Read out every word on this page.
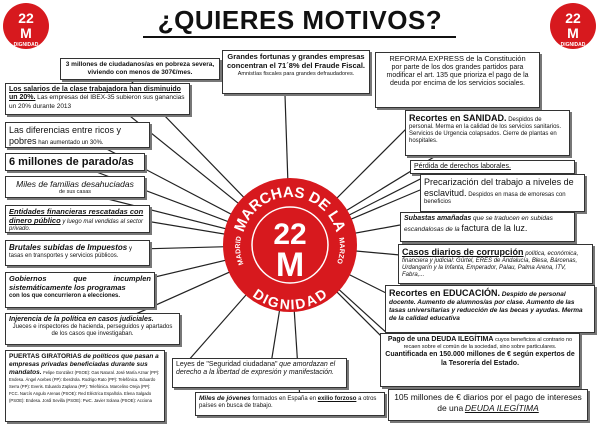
22
M
DIGNIDAD
22
M
DIGNIDAD
¿QUIERES MOTIVOS?
MARCHAS DE LA
DIGNIDAD
MADRID	MARZO
22
M
3 millones de ciudadanos/as en pobreza severa, viviendo con menos de 307€/mes.
Los salarios de la clase trabajadora han disminuido un 20%. Las empresas del IBEX-35 subieron sus ganancias un 20% durante 2013
Las diferencias entre ricos y pobres han aumentado un 30%.
6 millones de parado/as
Miles de familias desahuciadas
de sus casas
Entidades financieras rescatadas con dinero público y luego mal vendidas al sector privado.
Brutales subidas de Impuestos y tasas en transportes y servicios públicos.
Gobiernos que incumplen sistemáticamente los programas
con los que concurrieron a elecciones.
Injerencia de la política en casos judiciales.
Jueces e inspectores de hacienda, perseguidos y apartados de los casos que investigaban.
PUERTAS GIRATORIAS de políticos que pasan a empresas privadas beneficiadas durante sus mandatos. Felipe González (PSOE): Gas Natural. José María Aznar (PP): Endesa. Ángel Acebes (PP): Iberdrola. Rodrigo Rato (PP): Telefónica. Eduardo Serra (PP): Everis. Eduardo Zaplana (PP): Telefónica. Marcelino Oreja (PP): FCC. Narcís Angulo Arenas (PSOE): Red Eléctrica Española. Elena Salgado (PSOE): Endesa. Jordi Sevilla (PSOE): PwC. Javier Solana (PSOE): Acciona
Grandes fortunas y grandes empresas concentran el 71´8% del Fraude Fiscal.
Amnistías fiscales para grandes defraudadores.
Leyes de "Seguridad ciudadana" que amordazan el derecho a la libertad de expresión y manifestación.
Miles de jóvenes formados en España en exilio forzoso a otros países en busca de trabajo.
REFORMA EXPRESS de la Constitución
por parte de los dos grandes partidos para modificar el art. 135 que prioriza el pago de la deuda por encima de los servicios sociales.
Recortes en SANIDAD. Despidos de personal. Merma en la calidad de los servicios sanitarios. Servicios de Urgencia colapsados. Cierre de plantas en hospitales.
Pérdida de derechos laborales.
Precarización del trabajo a niveles de esclavitud. Despidos en masa de emoresas con beneficios
Subastas amañadas que se traducen en subidas escandalosas de la factura de la luz.
Casos diarios de corrupción política, económica, financiera y judicial: Gürtel, ERES de Andalucía, Blesa, Bárcenas, Urdangarín y la Infanta, Emperador, Palau, Palma Arena, ITV, Fabra,...
Recortes en EDUCACIÓN. Despido de personal docente. Aumento de alumnos/as por clase. Aumento de las tasas universitarias y reducción de las becas y ayudas. Merma de la calidad educativa
Pago de una DEUDA ILEGÍTIMA cuyos beneficios al contrario no recaen sobre el común de la sociedad, sino sobre particulares. Cuantificada en 150.000 millones de € según expertos de la Tesorería del Estado.
105 millones de € diarios por el pago de intereses de una DEUDA ILEGÍTIMA
